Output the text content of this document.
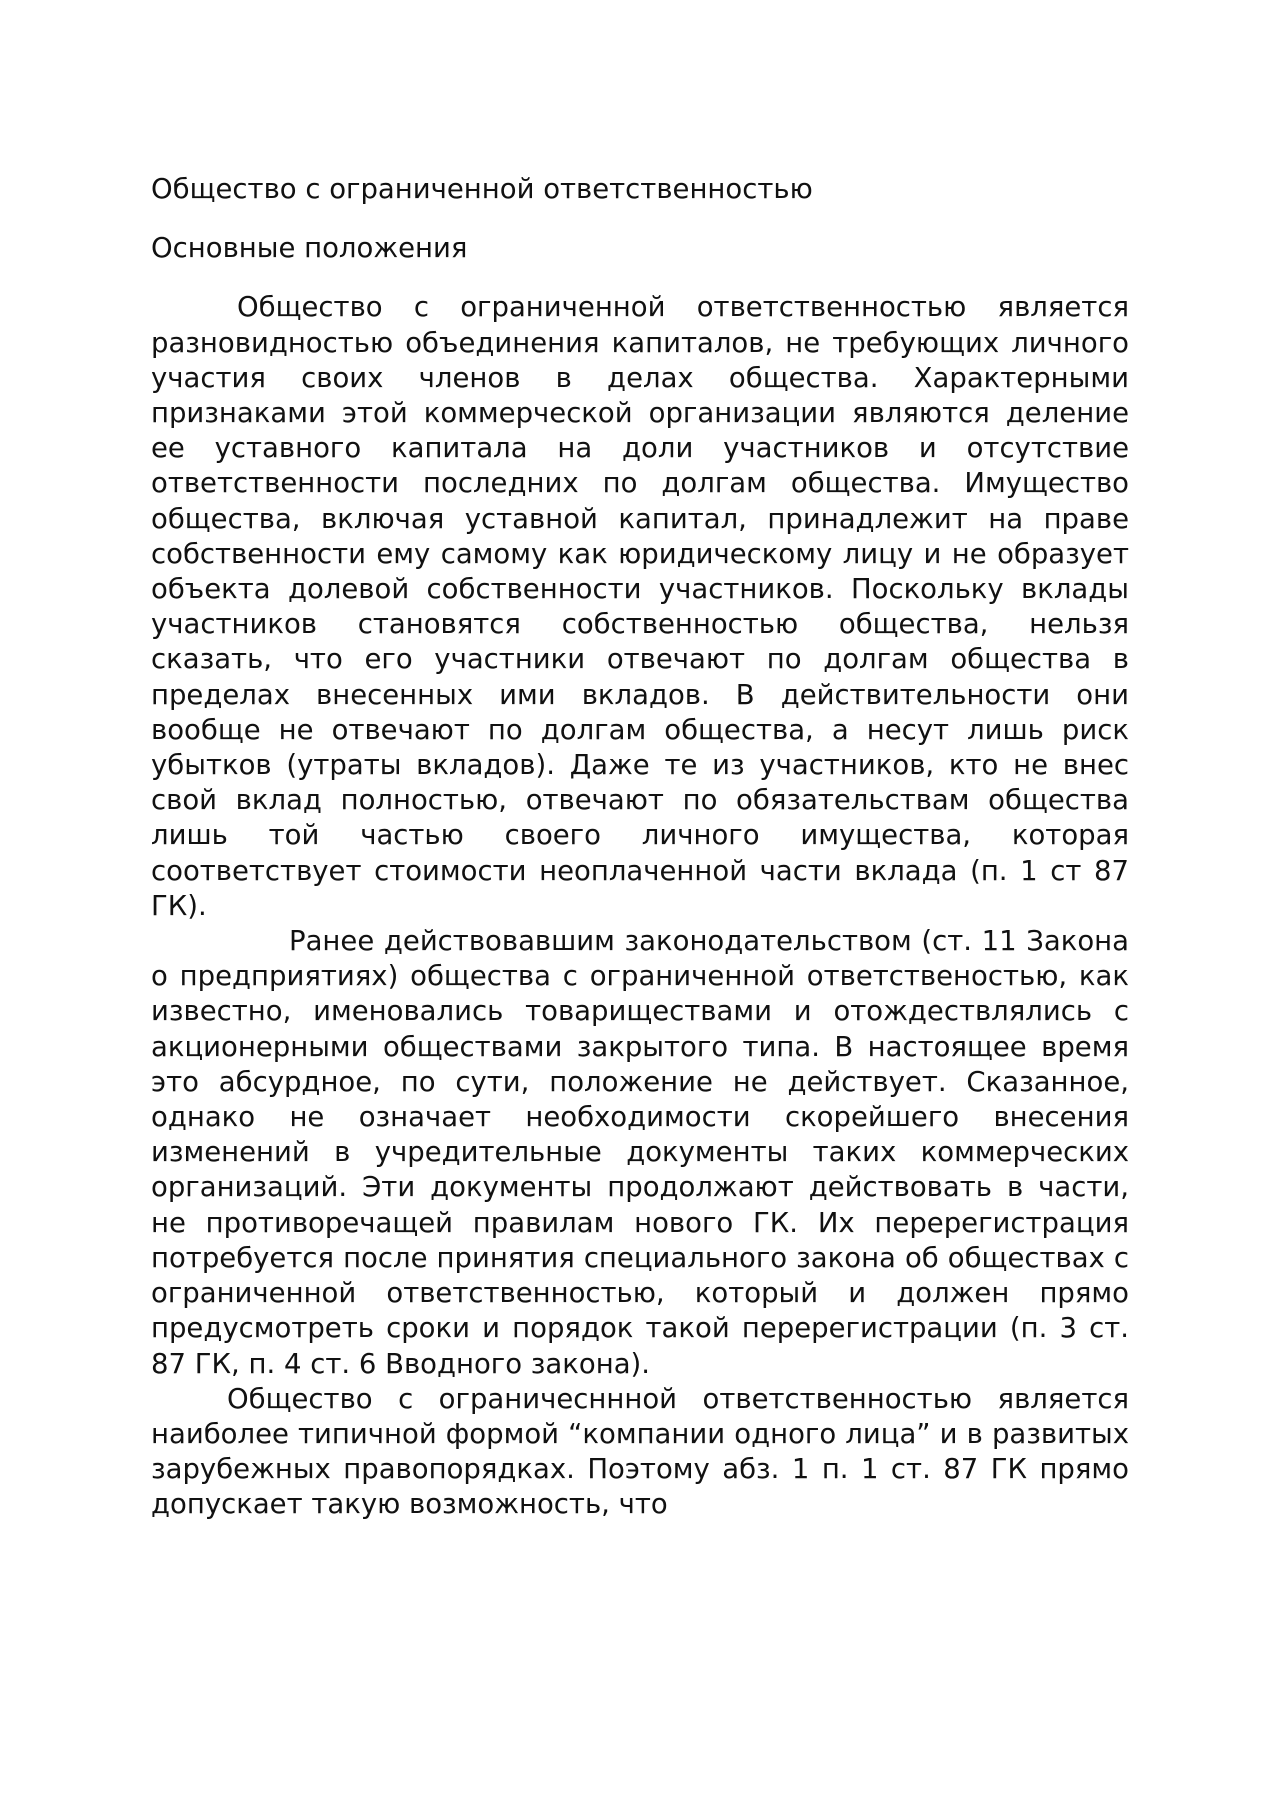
Общество с ограниченной ответственностью

Основные положения

Общество с ограниченной ответственностью является разновидностью объединения капиталов, не требующих личного участия своих членов в делах общества. Характерными признаками этой коммерческой организации являются деление ее уставного капитала на доли участников и отсутствие ответственности последних по долгам общества. Имущество общества, включая уставной капитал, принадлежит на праве собственности ему самому как юридическому лицу и не образует объекта долевой собственности участников. Поскольку вклады участников становятся собственностью общества, нельзя сказать, что его участники отвечают по долгам общества в пределах внесенных ими вкладов. В действительности они вообще не отвечают по долгам общества, а несут лишь риск убытков (утраты вкладов). Даже те из участников, кто не внес свой вклад полностью, отвечают по обязательствам общества лишь той частью своего личного имущества, которая соответствует стоимости неоплаченной части вклада (п. 1 ст 87 ГК).

Ранее действовавшим законодательством (ст. 11 Закона о предприятиях) общества с ограниченной ответственостью, как известно, именовались товариществами и отождествлялись с акционерными обществами закрытого типа. В настоящее время это абсурдное, по сути, положение не действует. Сказанное, однако не означает необходимости скорейшего внесения изменений в учредительные документы таких коммерческих организаций. Эти документы продолжают действовать в части, не противоречащей правилам нового ГК. Их перерегистрация потребуется после принятия специального закона об обществах с ограниченной ответственностью, который и должен прямо предусмотреть сроки и порядок такой перерегистрации (п. 3 ст. 87 ГК, п. 4 ст. 6 Вводного закона).

Общество с ограничесннной ответственностью является наиболее типичной формой “компании одного лица” и в развитых зарубежных правопорядках. Поэтому абз. 1 п. 1 ст. 87 ГК прямо допускает такую возможность, что
